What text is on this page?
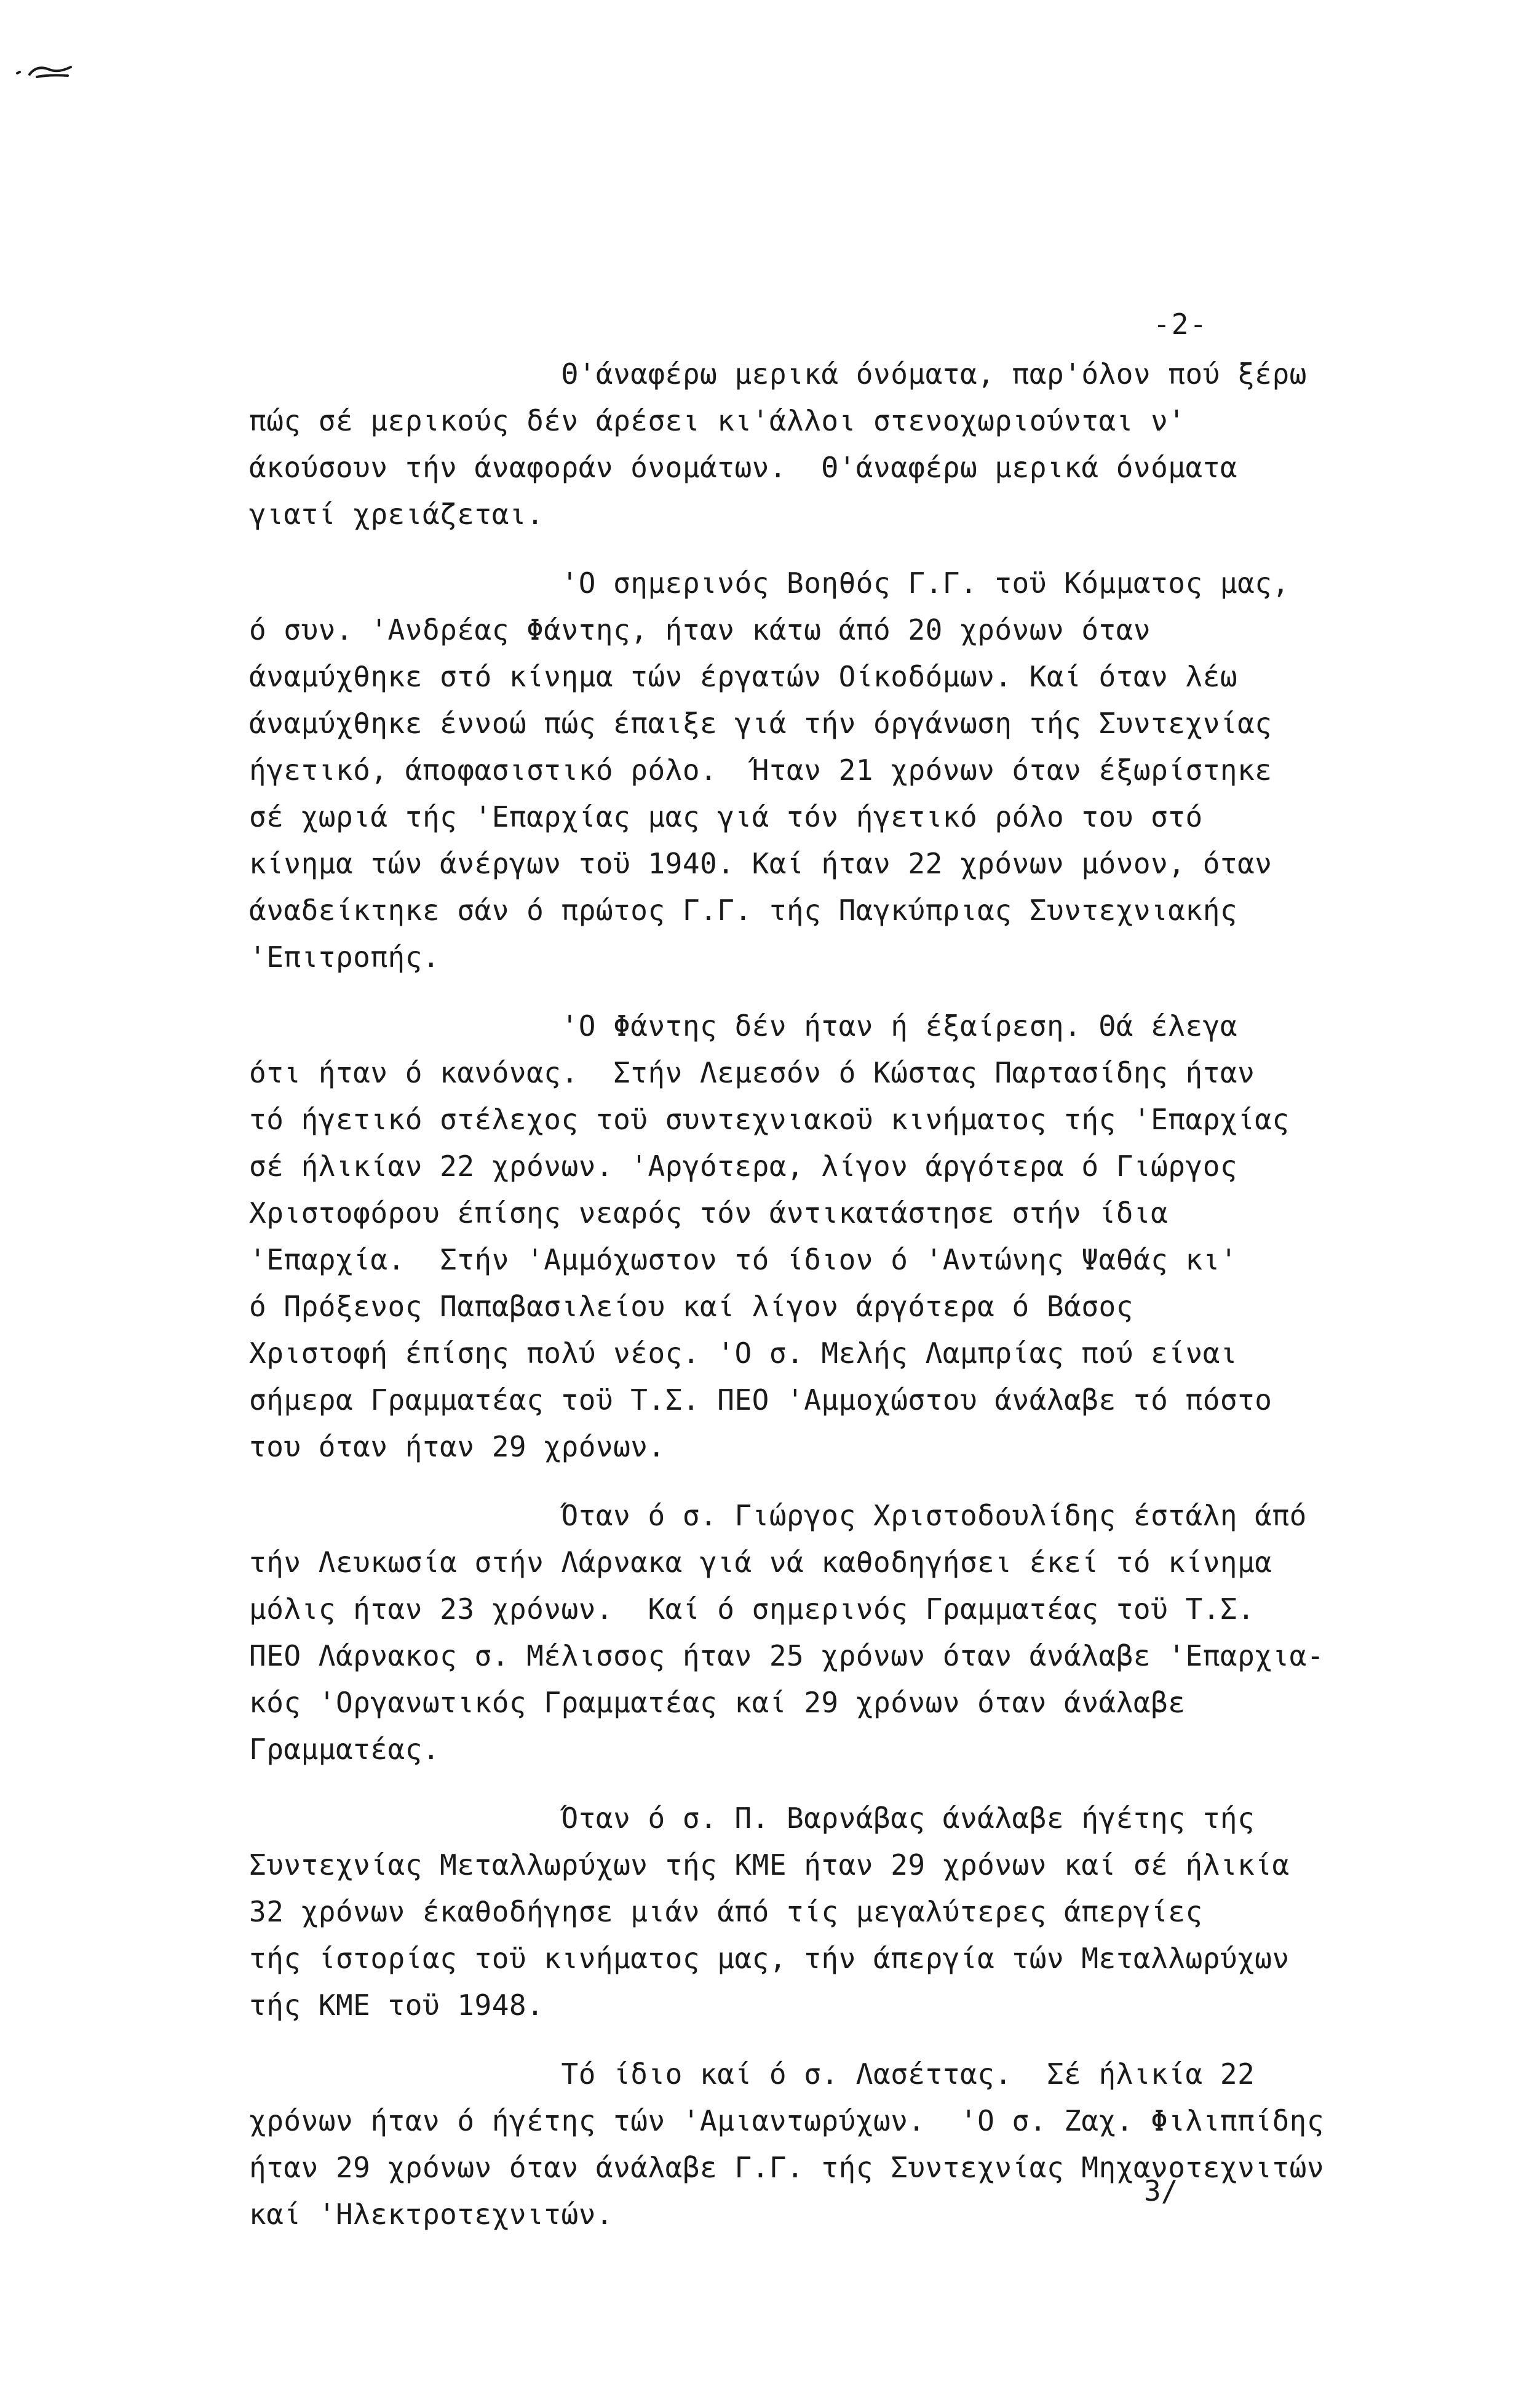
-2-

Θ'άναφέρω μερικά όνόματα, παρ'όλον πού ξέρω
πώς σέ μερικούς δέν άρέσει κι'άλλοι στενοχωριούνται ν'
άκούσουν τήν άναφοράν όνομάτων.  Θ'άναφέρω μερικά όνόματα
γιατί χρειάζεται.

'Ο σημερινός Βοηθός Γ.Γ. τοϋ Κόμματος μας,
ό συν. 'Ανδρέας Φάντης, ήταν κάτω άπό 20 χρόνων όταν
άναμύχθηκε στό κίνημα τών έργατών Οίκοδόμων. Καί όταν λέω
άναμύχθηκε έννοώ πώς έπαιξε γιά τήν όργάνωση τής Συντεχνίας
ήγετικό, άποφασιστικό ρόλο.  Ήταν 21 χρόνων όταν έξωρίστηκε
σέ χωριά τής 'Επαρχίας μας γιά τόν ήγετικό ρόλο του στό
κίνημα τών άνέργων τοϋ 1940. Καί ήταν 22 χρόνων μόνον, όταν
άναδείκτηκε σάν ό πρώτος Γ.Γ. τής Παγκύπριας Συντεχνιακής
'Επιτροπής.

'Ο Φάντης δέν ήταν ή έξαίρεση. Θά έλεγα
ότι ήταν ό κανόνας.  Στήν Λεμεσόν ό Κώστας Παρτασίδης ήταν
τό ήγετικό στέλεχος τοϋ συντεχνιακοϋ κινήματος τής 'Επαρχίας
σέ ήλικίαν 22 χρόνων. 'Αργότερα, λίγον άργότερα ό Γιώργος
Χριστοφόρου έπίσης νεαρός τόν άντικατάστησε στήν ίδια
'Επαρχία.  Στήν 'Αμμόχωστον τό ίδιον ό 'Αντώνης Ψαθάς κι'
ό Πρόξενος Παπαβασιλείου καί λίγον άργότερα ό Βάσος
Χριστοφή έπίσης πολύ νέος. 'Ο σ. Μελής Λαμπρίας πού είναι
σήμερα Γραμματέας τοϋ Τ.Σ. ΠΕΟ 'Αμμοχώστου άνάλαβε τό πόστο
του όταν ήταν 29 χρόνων.

Όταν ό σ. Γιώργος Χριστοδουλίδης έστάλη άπό
τήν Λευκωσία στήν Λάρνακα γιά νά καθοδηγήσει έκεί τό κίνημα
μόλις ήταν 23 χρόνων.  Καί ό σημερινός Γραμματέας τοϋ Τ.Σ.
ΠΕΟ Λάρνακος σ. Μέλισσος ήταν 25 χρόνων όταν άνάλαβε 'Επαρχια-
κός 'Οργανωτικός Γραμματέας καί 29 χρόνων όταν άνάλαβε
Γραμματέας.

Όταν ό σ. Π. Βαρνάβας άνάλαβε ήγέτης τής
Συντεχνίας Μεταλλωρύχων τής ΚΜΕ ήταν 29 χρόνων καί σέ ήλικία
32 χρόνων έκαθοδήγησε μιάν άπό τίς μεγαλύτερες άπεργίες
τής ίστορίας τοϋ κινήματος μας, τήν άπεργία τών Μεταλλωρύχων
τής ΚΜΕ τοϋ 1948.

Τό ίδιο καί ό σ. Λασέττας.  Σέ ήλικία 22
χρόνων ήταν ό ήγέτης τών 'Αμιαντωρύχων.  'Ο σ. Ζαχ. Φιλιππίδης
ήταν 29 χρόνων όταν άνάλαβε Γ.Γ. τής Συντεχνίας Μηχανοτεχνιτών
καί 'Ηλεκτροτεχνιτών.

3/
